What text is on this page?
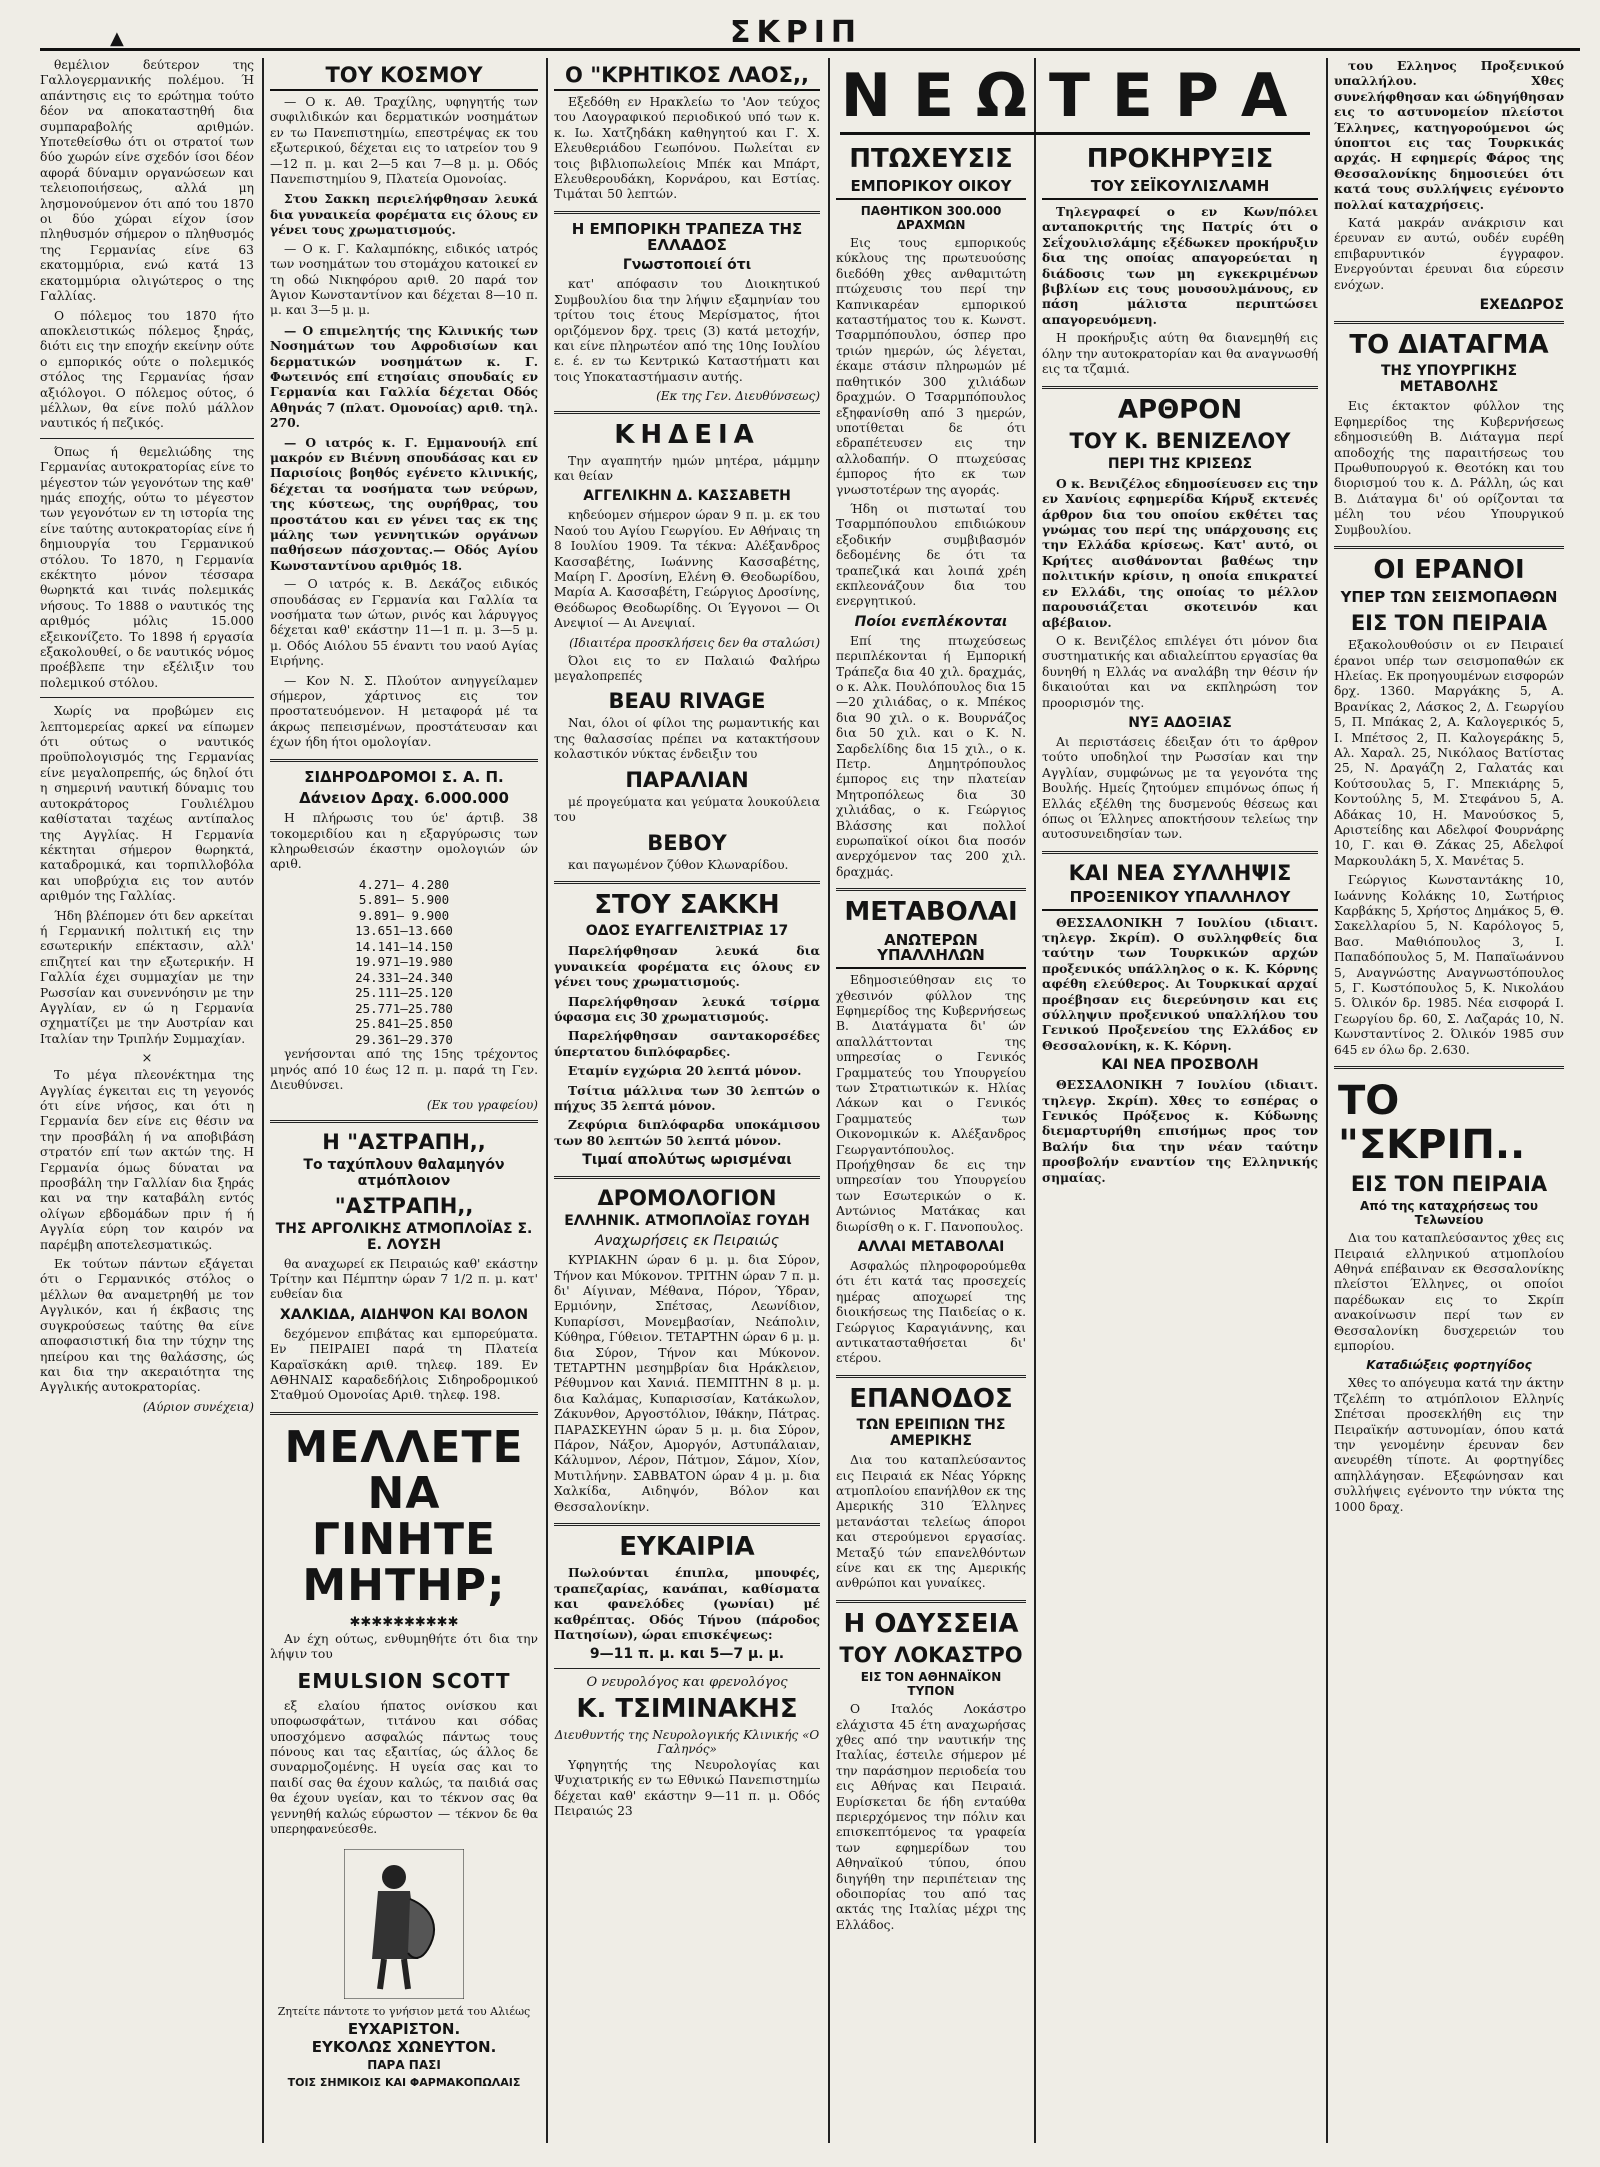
▲	ΣΚΡΙΠ

θεμέλιον δεύτερον της Γαλλογερμανικής πολέμου. Ή απάντησις εις το ερώτημα τούτο δέον να αποκαταστηθή δια συμπαραβολής αριθμών. Υποτεθείσθω ότι οι στρατοί των δύο χωρών είνε σχεδόν ίσοι δέον αφορά δύναμιν οργανώσεων και τελειοποιήσεως, αλλά μη λησμονούμενον ότι από του 1870 οι δύο χώραι είχον ίσον πληθυσμόν σήμερον ο πληθυσμός της Γερμανίας είνε 63 εκατομμύρια, ενώ κατά 13 εκατομμύρια ολιγώτερος ο της Γαλλίας.

Ο πόλεμος του 1870 ήτο αποκλειστικώς πόλεμος ξηράς, διότι εις την εποχήν εκείνην ούτε ο εμπορικός ούτε ο πολεμικός στόλος της Γερμανίας ήσαν αξιόλογοι. Ο πόλεμος ούτος, ό μέλλων, θα είνε πολύ μάλλον ναυτικός ή πεζικός.

Όπως ή θεμελιώδης της Γερμανίας αυτοκρατορίας είνε το μέγεστον τών γεγονότων της καθ' ημάς εποχής, ούτω το μέγεστον των γεγονότων εν τη ιστορία της είνε ταύτης αυτοκρατορίας είνε ή δημιουργία του Γερμανικού στόλου. Το 1870, η Γερμανία εκέκτητο μόνον τέσσαρα θωρηκτά και τινάς πολεμικάς νήσους. Το 1888 ο ναυτικός της αριθμός μόλις 15.000 εξεικονίζετο. Το 1898 ή εργασία εξακολουθεί, ο δε ναυτικός νόμος προέβλεπε την εξέλιξιν του πολεμικού στόλου.

Χωρίς να προβώμεν εις λεπτομερείας αρκεί να είπωμεν ότι ούτως ο ναυτικός προϋπολογισμός της Γερμανίας είνε μεγαλοπρεπής, ώς δηλοί ότι η σημερινή ναυτική δύναμις του αυτοκράτορος Γουλιέλμου καθίσταται ταχέως αντίπαλος της Αγγλίας. Η Γερμανία κέκτηται σήμερον θωρηκτά, καταδρομικά, και τορπιλλοβόλα και υποβρύχια εις τον αυτόν αριθμόν της Γαλλίας.

Ήδη βλέπομεν ότι δεν αρκείται ή Γερμανική πολιτική εις την εσωτερικήν επέκτασιν, αλλ' επιζητεί και την εξωτερικήν. Η Γαλλία έχει συμμαχίαν με την Ρωσσίαν και συνεννόησιν με την Αγγλίαν, εν ώ η Γερμανία σχηματίζει με την Αυστρίαν και Ιταλίαν την Τριπλήν Συμμαχίαν.

×

Το μέγα πλεονέκτημα της Αγγλίας έγκειται εις τη γεγονός ότι είνε νήσος, και ότι η Γερμανία δεν είνε εις θέσιν να την προσβάλη ή να αποβιβάση στρατόν επί των ακτών της. Η Γερμανία όμως δύναται να προσβάλη την Γαλλίαν δια ξηράς και να την καταβάλη εντός ολίγων εβδομάδων πριν ή ή Αγγλία εύρη τον καιρόν να παρέμβη αποτελεσματικώς.

Εκ τούτων πάντων εξάγεται ότι ο Γερμανικός στόλος ο μέλλων θα αναμετρηθή με τον Αγγλικόν, και ή έκβασις της συγκρούσεως ταύτης θα είνε αποφασιστική δια την τύχην της ηπείρου και της θαλάσσης, ώς και δια την ακεραιότητα της Αγγλικής αυτοκρατορίας.

(Αύριον συνέχεια)
ΤΟΥ ΚΟΣΜΟΥ

— Ο κ. Αθ. Τραχίλης, υφηγητής των συφιλιδικών και δερματικών νοσημάτων εν τω Πανεπιστημίω, επεστρέψας εκ του εξωτερικού, δέχεται εις το ιατρείον του 9—12 π. μ. και 2—5 και 7—8 μ. μ. Οδός Πανεπιστημίου 9, Πλατεία Ομονοίας.

Στου Σακκη περιελήφθησαν λευκά δια γυναικεία φορέματα εις όλους εν γένει τους χρωματισμούς.

— Ο κ. Γ. Καλαμπόκης, ειδικός ιατρός των νοσημάτων του στομάχου κατοικεί εν τη οδώ Νικηφόρου αριθ. 20 παρά τον Άγιον Κωνσταντίνον και δέχεται 8—10 π. μ. και 3—5 μ. μ.

— Ο επιμελητής της Κλινικής των Νοσημάτων του Αφροδισίων και δερματικών νοσημάτων κ. Γ. Φωτεινός επί ετησίαις σπουδαίς εν Γερμανία και Γαλλία δέχεται Οδός Αθηνάς 7 (πλατ. Ομονοίας) αριθ. τηλ. 270.

— Ο ιατρός κ. Γ. Εμμανουήλ επί μακρόν εν Βιέννη σπουδάσας και εν Παρισίοις βοηθός εγένετο κλινικής, δέχεται τα νοσήματα των νεύρων, της κύστεως, της ουρήθρας, του προστάτου και εν γένει τας εκ της μάλης των γεννητικών οργάνων παθήσεων πάσχοντας.— Οδός Αγίου Κωνσταντίνου αριθμός 18.

— Ο ιατρός κ. Β. Δεκάζος ειδικός σπουδάσας εν Γερμανία και Γαλλία τα νοσήματα των ώτων, ρινός και λάρυγγος δέχεται καθ' εκάστην 11—1 π. μ. 3—5 μ. μ. Οδός Αιόλου 55 έναντι του ναού Αγίας Ειρήνης.

— Κον Ν. Σ. Πλούτον ανηγγείλαμεν σήμερον, χάρτινος εις τον προστατευόμενον. Η μεταφορά μέ τα άκρως πεπεισμένων, προστάτευσαν και έχων ήδη ήτοι ομολογίαν.

ΣΙΔΗΡΟΔΡΟΜΟΙ Σ. Α. Π.
Δάνειον Δραχ. 6.000.000

Η πλήρωσις του ύε' άρτιβ. 38 τοκομεριδίου και η εξαργύρωσις των κληρωθεισών έκαστην ομολογιών ών αριθ.

4.271— 4.280

5.891— 5.900

9.891— 9.900

13.651—13.660

14.141—14.150

19.971—19.980

24.331—24.340

25.111—25.120

25.771—25.780

25.841—25.850

29.361—29.370

γενήσονται από της 15ης τρέχοντος μηνός από 10 έως 12 π. μ. παρά τη Γεν. Διευθύνσει.

(Εκ του γραφείου)
Η "ΑΣΤΡΑΠΗ,,
Το ταχύπλουν θαλαμηγόν ατμόπλοιον
"ΑΣΤΡΑΠΗ,,
ΤΗΣ ΑΡΓΟΛΙΚΗΣ ΑΤΜΟΠΛΟΪΑΣ Σ. Ε. ΛΟΥΣΗ

θα αναχωρεί εκ Πειραιώς καθ' εκάστην Τρίτην και Πέμπτην ώραν 7 1/2 π. μ. κατ' ευθείαν δια

ΧΑΛΚΙΔΑ, ΑΙΔΗΨΟΝ ΚΑΙ ΒΟΛΟΝ

δεχόμενον επιβάτας και εμπορεύματα. Εν ΠΕΙΡΑΙΕΙ παρά τη Πλατεία Καραϊσκάκη αριθ. τηλεφ. 189. Εν ΑΘΗΝΑΙΣ καραδεδήλοις Σιδηροδρομικού Σταθμού Ομονοίας Αριθ. τηλεφ. 198.

ΜΕΛΛΕΤΕ ΝΑ ΓΙΝΗΤΕ ΜΗΤΗΡ;
✱✱✱✱✱✱✱✱✱✱

Αν έχη ούτως, ενθυμηθήτε ότι δια την λήψιν του

EMULSION SCOTT

εξ ελαίου ήπατος ονίσκου και υποφωσφάτων, τιτάνου και σόδας υποσχόμενο ασφαλώς πάντως τους πόνους και τας εξαιτίας, ώς άλλος δε συναρμοζομένης. Η υγεία σας και το παιδί σας θα έχουν καλώς, τα παιδιά σας θα έχουν υγείαν, και το τέκνον σας θα γεννηθή καλώς εύρωστον — τέκνον δε θα υπερηφανεύεσθε.

Ζητείτε πάντοτε το γνήσιον μετά του Αλιέως
ΕΥΧΑΡΙΣΤΟΝ.
ΕΥΚΟΛΩΣ ΧΩΝΕΥΤΟΝ.
ΠΑΡΑ ΠΑΣΙ
ΤΟΙΣ ΣΗΜΙΚΟΙΣ ΚΑΙ ΦΑΡΜΑΚΟΠΩΛΑΙΣ
Ο "ΚΡΗΤΙΚΟΣ ΛΑΟΣ,,

Εξεδόθη εν Ηρακλείω το 'Αον τεύχος του Λαογραφικού περιοδικού υπό των κ. κ. Ιω. Χατζηδάκη καθηγητού και Γ. Χ. Ελευθεριάδου Γεωπόνου. Πωλείται εν τοις βιβλιοπωλείοις Μπέκ και Μπάρτ, Ελευθερουδάκη, Κορνάρου, και Εστίας. Τιμάται 50 λεπτών.

Η ΕΜΠΟΡΙΚΗ ΤΡΑΠΕΖΑ ΤΗΣ ΕΛΛΑΔΟΣ
Γνωστοποιεί ότι

κατ' απόφασιν του Διοικητικού Συμβουλίου δια την λήψιν εξαμηνίαν του τρίτου τοις έτους Μερίσματος, ήτοι οριζόμενον δρχ. τρεις (3) κατά μετοχήν, και είνε πληρωτέον από της 10ης Ιουλίου ε. έ. εν τω Κεντρικώ Καταστήματι και τοις Υποκαταστήμασιν αυτής.

(Εκ της Γεν. Διευθύνσεως)
ΚΗΔΕΙΑ

Την αγαπητήν ημών μητέρα, μάμμην και θείαν

ΑΓΓΕΛΙΚΗΝ Δ. ΚΑΣΣΑΒΕΤΗ

κηδεύομεν σήμερον ώραν 9 π. μ. εκ του Ναού του Αγίου Γεωργίου. Εν Αθήναις τη 8 Ιουλίου 1909. Τα τέκνα: Αλέξανδρος Κασσαβέτης, Ιωάννης Κασσαβέτης, Μαίρη Γ. Δροσίνη, Ελένη Θ. Θεοδωρίδου, Μαρία Α. Κασσαβέτη, Γεώργιος Δροσίνης, Θεόδωρος Θεοδωρίδης. Οι Έγγονοι — Οι Ανεψιοί — Αι Ανεψιαί.

(Ιδιαιτέρα προσκλήσεις δεν θα σταλώσι)

Όλοι εις το εν Παλαιώ Φαλήρω μεγαλοπρεπές

BEAU RIVAGE

Ναι, όλοι οί φίλοι της ρωμαντικής και της θαλασσίας πρέπει να κατακτήσουν κολαστικόν νύκτας ένδειξιν του

ΠΑΡΑΛΙΑΝ

μέ προγεύματα και γεύματα λουκούλεια του

ΒΕΒΟΥ

και παγωμένον ζύθον Κλωναρίδου.

ΣΤΟΥ ΣΑΚΚΗ
ΟΔΟΣ ΕΥΑΓΓΕΛΙΣΤΡΙΑΣ 17

Παρελήφθησαν λευκά δια γυναικεία φορέματα εις όλους εν γένει τους χρωματισμούς.

Παρελήφθησαν λευκά τσίρμα ύφασμα εις 30 χρωματισμούς.

Παρελήφθησαν σαντακορσέδες ύπερτατου διπλόφαρδες.

Εταμίν εγχώρια 20 λεπτά μόνον.

Τσίτια μάλλινα των 30 λεπτών ο πήχυς 35 λεπτά μόνον.

Ζεφύρια διπλόφαρδα υποκάμισου των 80 λεπτών 50 λεπτά μόνον.

Τιμαί απολύτως ωρισμέναι
ΔΡΟΜΟΛΟΓΙΟΝ
ΕΛΛΗΝΙΚ. ΑΤΜΟΠΛΟΪΑΣ ΓΟΥΔΗ
Αναχωρήσεις εκ Πειραιώς

ΚΥΡΙΑΚΗΝ ώραν 6 μ. μ. δια Σύρον, Τήνον και Μύκονον. ΤΡΙΤΗΝ ώραν 7 π. μ. δι' Αίγιναν, Μέθανα, Πόρον, Ύδραν, Ερμιόνην, Σπέτσας, Λεωνίδιον, Κυπαρίσσι, Μονεμβασίαν, Νεάπολιν, Κύθηρα, Γύθειον. ΤΕΤΑΡΤΗΝ ώραν 6 μ. μ. δια Σύρον, Τήνον και Μύκονον. ΤΕΤΑΡΤΗΝ μεσημβρίαν δια Ηράκλειον, Ρέθυμνον και Χανιά. ΠΕΜΠΤΗΝ 8 μ. μ. δια Καλάμας, Κυπαρισσίαν, Κατάκωλον, Ζάκυνθον, Αργοστόλιον, Ιθάκην, Πάτρας. ΠΑΡΑΣΚΕΥΗΝ ώραν 5 μ. μ. δια Σύρον, Πάρον, Νάξον, Αμοργόν, Αστυπάλαιαν, Κάλυμνον, Λέρον, Πάτμον, Σάμον, Χίον, Μυτιλήνην. ΣΑΒΒΑΤΟΝ ώραν 4 μ. μ. δια Χαλκίδα, Αιδηψόν, Βόλον και Θεσσαλονίκην.

ΕΥΚΑΙΡΙΑ

Πωλούνται έπιπλα, μπουφές, τραπεζαρίας, κανάπαι, καθίσματα και φανελόδες (γωνίαι) μέ καθρέπτας. Οδός Τήνου (πάροδος Πατησίων), ώραι επισκέψεως:

9—11 π. μ. και 5—7 μ. μ.
Ο νευρολόγος και φρενολόγος
Κ. ΤΣΙΜΙΝΑΚΗΣ
Διευθυντής της Νευρολογικής Κλινικής «Ο Γαληνός»

Υφηγητής της Νευρολογίας και Ψυχιατρικής εν τω Εθνικώ Πανεπιστημίω δέχεται καθ' εκάστην 9—11 π. μ. Οδός Πειραιώς 23

ΝΕΩΤΕΡΑ
ΠΤΩΧΕΥΣΙΣ
ΕΜΠΟΡΙΚΟΥ ΟΙΚΟΥ
ΠΑΘΗΤΙΚΟΝ 300.000 ΔΡΑΧΜΩΝ

Εις τους εμπορικούς κύκλους της πρωτευούσης διεδόθη χθες ανθαμιτώτη πτώχευσις του περί την Καπνικαρέαν εμπορικού καταστήματος του κ. Κωνστ. Τσαρμπόπουλου, όσπερ προ τριών ημερών, ώς λέγεται, έκαμε στάσιν πληρωμών μέ παθητικόν 300 χιλιάδων δραχμών. Ο Τσαρμπόπουλος εξηφανίσθη από 3 ημερών, υποτίθεται δε ότι εδραπέτευσεν εις την αλλοδαπήν. Ο πτωχεύσας έμπορος ήτο εκ των γνωστοτέρων της αγοράς.

Ήδη οι πιστωταί του Τσαρμπόπουλου επιδιώκουν εξοδικήν συμβιβασμόν δεδομένης δε ότι τα τραπεζικά και λοιπά χρέη εκπλεονάζουν δια του ενεργητικού.

Ποίοι ενεπλέκονται

Επί της πτωχεύσεως περιπλέκονται ή Εμπορική Τράπεζα δια 40 χιλ. δραχμάς, ο κ. Αλκ. Πουλόπουλος δια 15—20 χιλιάδας, ο κ. Μπέκος δια 90 χιλ. ο κ. Βουρνάζος δια 50 χιλ. και ο Κ. Ν. Σαρδελίδης δια 15 χιλ., ο κ. Πετρ. Δημητρόπουλος έμπορος εις την πλατείαν Μητροπόλεως δια 30 χιλιάδας, ο κ. Γεώργιος Βλάσσης και πολλοί ευρωπαϊκοί οίκοι δια ποσόν ανερχόμενον τας 200 χιλ. δραχμάς.

ΜΕΤΑΒΟΛΑΙ
ΑΝΩΤΕΡΩΝ ΥΠΑΛΛΗΛΩΝ

Εδημοσιεύθησαν εις το χθεσινόν φύλλον της Εφημερίδος της Κυβερνήσεως Β. Διατάγματα δι' ών απαλλάττονται της υπηρεσίας ο Γενικός Γραμματεύς του Υπουργείου των Στρατιωτικών κ. Ηλίας Λάκων και ο Γενικός Γραμματεύς των Οικονομικών κ. Αλέξανδρος Γεωργαντόπουλος. Προήχθησαν δε εις την υπηρεσίαν του Υπουργείου των Εσωτερικών ο κ. Αντώνιος Ματάκας και διωρίσθη ο κ. Γ. Πανοπουλος.

ΑΛΛΑΙ ΜΕΤΑΒΟΛΑΙ

Ασφαλώς πληροφορούμεθα ότι έτι κατά τας προσεχείς ημέρας αποχωρεί της διοικήσεως της Παιδείας ο κ. Γεώργιος Καραγιάννης, και αντικατασταθήσεται δι' ετέρου.

ΕΠΑΝΟΔΟΣ
ΤΩΝ ΕΡΕΙΠΙΩΝ ΤΗΣ ΑΜΕΡΙΚΗΣ

Δια του καταπλεύσαντος εις Πειραιά εκ Νέας Υόρκης ατμοπλοίου επανήλθον εκ της Αμερικής 310 Έλληνες μετανάσται τελείως άποροι και στερούμενοι εργασίας. Μεταξύ τών επανελθόντων είνε και εκ της Αμερικής ανθρώποι και γυναίκες.

Η ΟΔΥΣΣΕΙΑ
ΤΟΥ ΛΟΚΑΣΤΡΟ
ΕΙΣ ΤΟΝ ΑΘΗΝΑΪΚΟΝ ΤΥΠΟΝ

Ο Ιταλός Λοκάστρο ελάχιστα 45 έτη αναχωρήσας χθες από την ναυτικήν της Ιταλίας, έστειλε σήμερον μέ την παράσημον περιοδεία του εις Αθήνας και Πειραιά. Ευρίσκεται δε ήδη ενταύθα περιερχόμενος την πόλιν και επισκεπτόμενος τα γραφεία των εφημερίδων του Αθηναϊκού τύπου, όπου διηγήθη την περιπέτειαν της οδοιπορίας του από τας ακτάς της Ιταλίας μέχρι της Ελλάδος.

ΠΡΟΚΗΡΥΞΙΣ
ΤΟΥ ΣΕΪΚΟΥΛΙΣΛΑΜΗ

Τηλεγραφεί ο εν Κων/πόλει ανταποκριτής της Πατρίς ότι ο Σεΐχουλισλάμης εξέδωκεν προκήρυξιν δια της οποίας απαγορεύεται η διάδοσις των μη εγκεκριμένων βιβλίων εις τους μουσουλμάνους, εν πάση μάλιστα περιπτώσει απαγορευόμενη.

Η προκήρυξις αύτη θα διανεμηθή εις όλην την αυτοκρατορίαν και θα αναγνωσθή εις τα τζαμιά.

ΑΡΘΡΟΝ
ΤΟΥ Κ. ΒΕΝΙΖΕΛΟΥ
ΠΕΡΙ ΤΗΣ ΚΡΙΣΕΩΣ

Ο κ. Βενιζέλος εδημοσίευσεν εις την εν Χανίοις εφημερίδα Κήρυξ εκτενές άρθρον δια του οποίου εκθέτει τας γνώμας του περί της υπάρχουσης εις την Ελλάδα κρίσεως. Κατ' αυτό, οι Κρήτες αισθάνονται βαθέως την πολιτικήν κρίσιν, η οποία επικρατεί εν Ελλάδι, της οποίας το μέλλον παρουσιάζεται σκοτεινόν και αβέβαιον.

Ο κ. Βενιζέλος επιλέγει ότι μόνον δια συστηματικής και αδιαλείπτου εργασίας θα δυνηθή η Ελλάς να αναλάβη την θέσιν ήν δικαιούται και να εκπληρώση τον προορισμόν της.

ΝΥΞ ΑΔΟΞΙΑΣ

Αι περιστάσεις έδειξαν ότι το άρθρον τούτο υποδηλοί την Ρωσσίαν και την Αγγλίαν, συμφώνως με τα γεγονότα της Βουλής. Ημείς ζητούμεν επιμόνως όπως ή Ελλάς εξέλθη της δυσμενούς θέσεως και όπως οι Έλληνες αποκτήσουν τελείως την αυτοσυνειδησίαν των.

ΚΑΙ ΝΕΑ ΣΥΛΛΗΨΙΣ
ΠΡΟΞΕΝΙΚΟΥ ΥΠΑΛΛΗΛΟΥ

ΘΕΣΣΑΛΟΝΙΚΗ 7 Ιουλίου (ιδιαιτ. τηλεγρ. Σκρίπ). Ο συλληφθείς δια ταύτην των Τουρκικών αρχών προξενικός υπάλληλος ο κ. Κ. Κόρνης αφέθη ελεύθερος. Αι Τουρκικαί αρχαί προέβησαν εις διερεύνησιν και εις σύλληψιν προξενικού υπαλλήλου του Γενικού Προξενείου της Ελλάδος εν Θεσσαλονίκη, κ. Κ. Κόρνη.

ΚΑΙ ΝΕΑ ΠΡΟΣΒΟΛΗ

ΘΕΣΣΑΛΟΝΙΚΗ 7 Ιουλίου (ιδιαιτ. τηλεγρ. Σκρίπ). Χθες το εσπέρας ο Γενικός Πρόξενος κ. Κύδωνης διεμαρτυρήθη επισήμως προς τον Βαλήν δια την νέαν ταύτην προσβολήν εναντίον της Ελληνικής σημαίας.

του Ελληνος Προξενικού υπαλλήλου. Χθες συνελήφθησαν και ώδηγήθησαν εις το αστυνομείον πλείστοι Έλληνες, κατηγορούμενοι ώς ύποπτοι εις τας Τουρκικάς αρχάς. Η εφημερίς Φάρος της Θεσσαλονίκης δημοσιεύει ότι κατά τους συλλήψεις εγένοντο πολλαί καταχρήσεις.

Κατά μακράν ανάκρισιν και έρευναν εν αυτώ, ουδέν ευρέθη επιβαρυντικόν έγγραφον. Ενεργούνται έρευναι δια εύρεσιν ενόχων.

ΕΧΕΔΩΡΟΣ
ΤΟ ΔΙΑΤΑΓΜΑ
ΤΗΣ ΥΠΟΥΡΓΙΚΗΣ ΜΕΤΑΒΟΛΗΣ

Εις έκτακτον φύλλον της Εφημερίδος της Κυβερνήσεως εδημοσιεύθη Β. Διάταγμα περί αποδοχής της παραιτήσεως του Πρωθυπουργού κ. Θεοτόκη και του διορισμού του κ. Δ. Ράλλη, ώς και Β. Διάταγμα δι' ού ορίζονται τα μέλη του νέου Υπουργικού Συμβουλίου.

ΟΙ ΕΡΑΝΟΙ
ΥΠΕΡ ΤΩΝ ΣΕΙΣΜΟΠΑΘΩΝ
ΕΙΣ ΤΟΝ ΠΕΙΡΑΙΑ

Εξακολουθούσιν οι εν Πειραιεί έρανοι υπέρ των σεισμοπαθών εκ Ηλείας. Εκ προηγουμένων εισφορών δρχ. 1360. Μαργάκης 5, Α. Βρανίκας 2, Λάσκος 2, Δ. Γεωργίου 5, Π. Μπάκας 2, Α. Καλογερικός 5, Ι. Μπέτσος 2, Π. Καλογεράκης 5, Αλ. Χαραλ. 25, Νικόλαος Βατίστας 25, Ν. Δραγάζη 2, Γαλατάς και Κούτσουλας 5, Γ. Μπεκιάρης 5, Κοντούλης 5, Μ. Στεφάνου 5, Α. Αδάκας 10, Η. Μανούσκος 5, Αριστείδης και Αδελφοί Φουρνάρης 10, Γ. και Θ. Ζάκας 25, Αδελφοί Μαρκουλάκη 5, Χ. Μανέτας 5.

Γεώργιος Κωνσταντάκης 10, Ιωάννης Κολάκης 10, Σωτήριος Καρβάκης 5, Χρήστος Δημάκος 5, Θ. Σακελλαρίου 5, Ν. Καρόλογος 5, Βασ. Μαθιόπουλος 3, Ι. Παπαδόπουλος 5, Μ. Παπαϊωάννου 5, Αναγνώστης Αναγνωστόπουλος 5, Γ. Κωστόπουλος 5, Κ. Νικολάου 5. Όλικόν δρ. 1985. Νέα εισφορά Ι. Γεωργίου δρ. 60, Σ. Λαζαράς 10, Ν. Κωνσταντίνος 2. Όλικόν 1985 συν 645 εν όλω δρ. 2.630.

ΤΟ "ΣΚΡΙΠ..
ΕΙΣ ΤΟΝ ΠΕΙΡΑΙΑ
Από της καταχρήσεως του Τελωνείου

Δια του καταπλεύσαντος χθες εις Πειραιά ελληνικού ατμοπλοίου Αθηνά επέβαιναν εκ Θεσσαλονίκης πλείστοι Έλληνες, οι οποίοι παρέδωκαν εις το Σκρίπ ανακοίνωσιν περί των εν Θεσσαλονίκη δυσχερειών του εμπορίου.

Καταδιώξεις φορτηγίδος

Χθες το απόγευμα κατά την άκτην Τζελέπη το ατμόπλοιον Ελληνίς Σπέτσαι προσεκλήθη εις την Πειραϊκήν αστυνομίαν, όπου κατά την γενομένην έρευναν δεν ανευρέθη τίποτε. Αι φορτηγίδες απηλλάγησαν. Εξεφώνησαν και συλλήψεις εγένοντο την νύκτα της 1000 δραχ.
